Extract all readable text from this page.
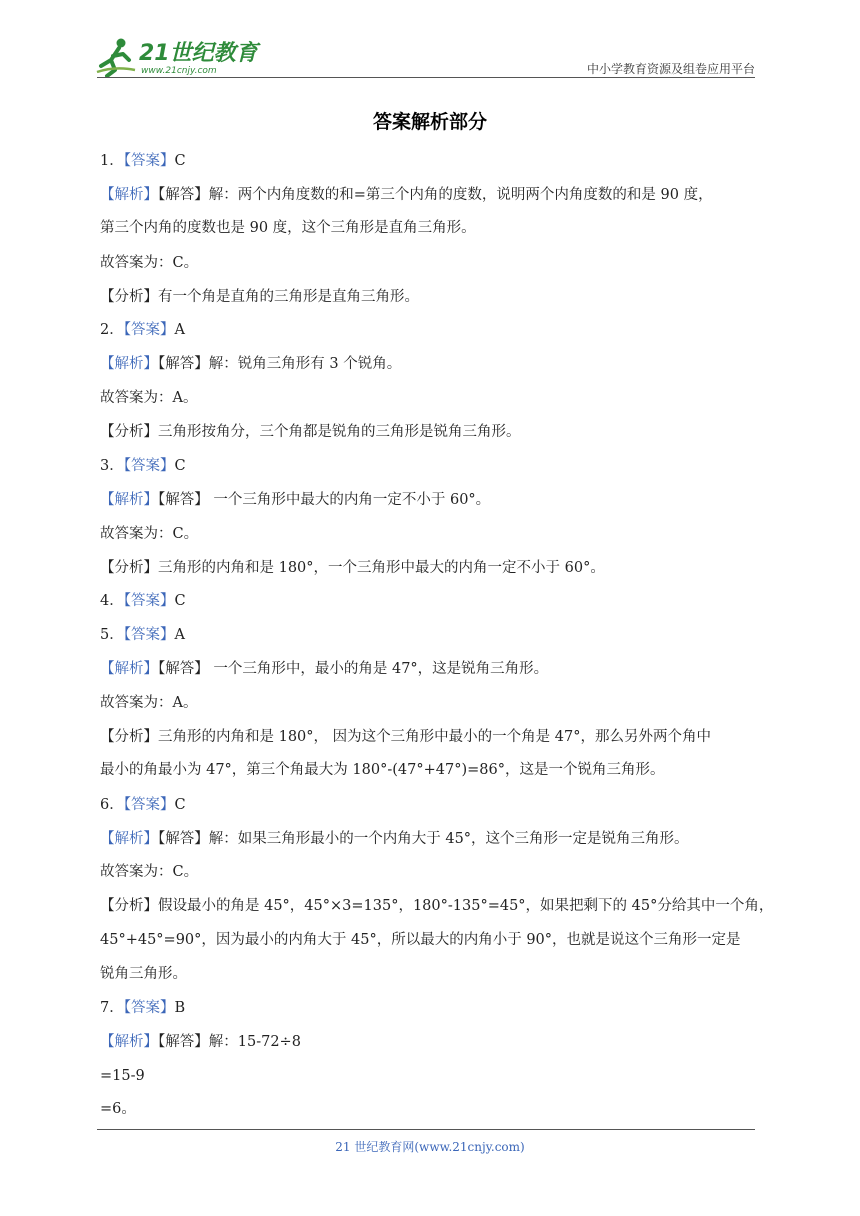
21世纪教育
www.21cnjy.com	中小学教育资源及组卷应用平台
答案解析部分
1．【答案】C
【解析】【解答】解：两个内角度数的和=第三个内角的度数，说明两个内角度数的和是 90 度，
第三个内角的度数也是 90 度，这个三角形是直角三角形。
故答案为：C。
【分析】有一个角是直角的三角形是直角三角形。
2．【答案】A
【解析】【解答】解：锐角三角形有 3 个锐角。
故答案为：A。
【分析】三角形按角分，三个角都是锐角的三角形是锐角三角形。
3．【答案】C
【解析】【解答】 一个三角形中最大的内角一定不小于 60°。
故答案为：C。
【分析】三角形的内角和是 180°，一个三角形中最大的内角一定不小于 60°。
4．【答案】C
5．【答案】A
【解析】【解答】 一个三角形中，最小的角是 47°，这是锐角三角形。
故答案为：A。
【分析】三角形的内角和是 180°， 因为这个三角形中最小的一个角是 47°，那么另外两个角中
最小的角最小为 47°，第三个角最大为 180°-(47°+47°)=86°，这是一个锐角三角形。
6．【答案】C
【解析】【解答】解：如果三角形最小的一个内角大于 45°，这个三角形一定是锐角三角形。
故答案为：C。
【分析】假设最小的角是 45°，45°×3=135°，180°-135°=45°，如果把剩下的 45°分给其中一个角，
45°+45°=90°，因为最小的内角大于 45°，所以最大的内角小于 90°，也就是说这个三角形一定是
锐角三角形。
7．【答案】B
【解析】【解答】解：15-72÷8
=15-9
=6。
21 世纪教育网(www.21cnjy.com)
